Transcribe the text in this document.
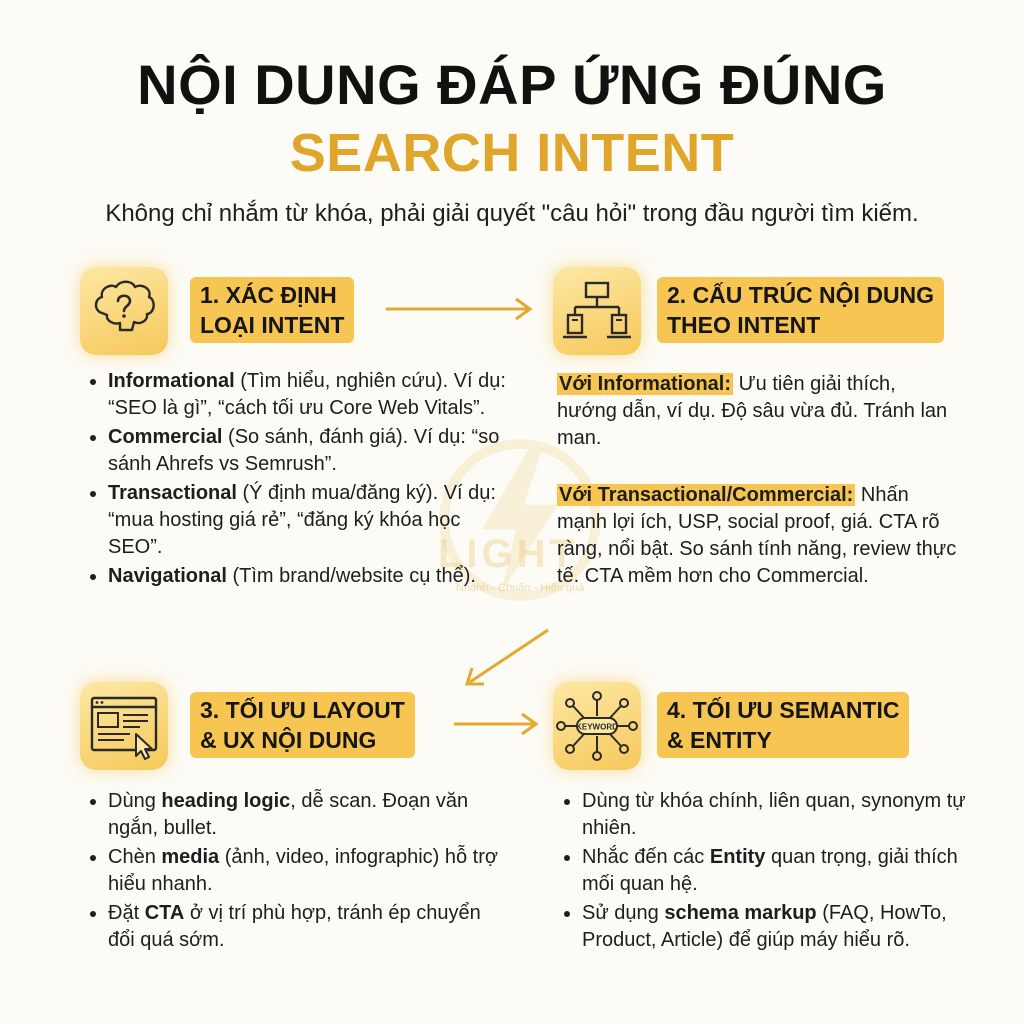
NỘI DUNG ĐÁP ỨNG ĐÚNG
SEARCH INTENT
Không chỉ nhắm từ khóa, phải giải quyết "câu hỏi" trong đầu người tìm kiếm.
LIGHT
Nhanh - Chuẩn - Hiệu quả
1. XÁC ĐỊNH
LOẠI INTENT
• Informational (Tìm hiểu, nghiên cứu). Ví dụ: “SEO là gì”, “cách tối ưu Core Web Vitals”.
• Commercial (So sánh, đánh giá). Ví dụ: “so sánh Ahrefs vs Semrush”.
• Transactional (Ý định mua/đăng ký). Ví dụ: “mua hosting giá rẻ”, “đăng ký khóa học SEO”.
• Navigational (Tìm brand/website cụ thể).
2. CẤU TRÚC NỘI DUNG
THEO INTENT

Với Informational: Ưu tiên giải thích, hướng dẫn, ví dụ. Độ sâu vừa đủ. Tránh lan man.

Với Transactional/Commercial: Nhấn mạnh lợi ích, USP, social proof, giá. CTA rõ ràng, nổi bật. So sánh tính năng, review thực tế. CTA mềm hơn cho Commercial.

3. TỐI ƯU LAYOUT
& UX NỘI DUNG
• Dùng heading logic, dễ scan. Đoạn văn ngắn, bullet.
• Chèn media (ảnh, video, infographic) hỗ trợ hiểu nhanh.
• Đặt CTA ở vị trí phù hợp, tránh ép chuyển đổi quá sớm.
KEYWORD
4. TỐI ƯU SEMANTIC
& ENTITY
• Dùng từ khóa chính, liên quan, synonym tự nhiên.
• Nhắc đến các Entity quan trọng, giải thích mối quan hệ.
• Sử dụng schema markup (FAQ, HowTo, Product, Article) để giúp máy hiểu rõ.
